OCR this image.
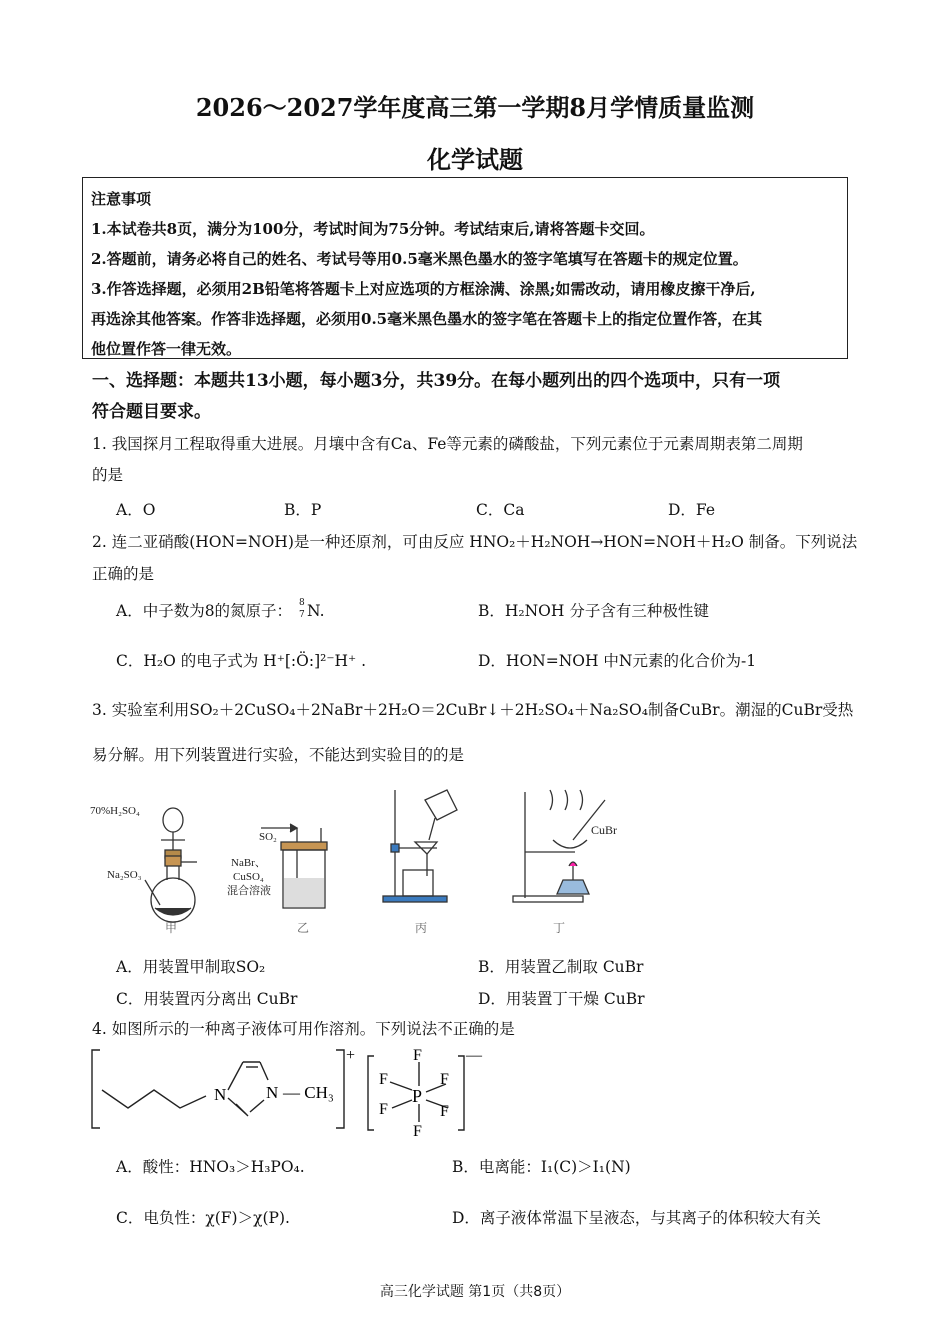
2026～2027学年度高三第一学期8月学情质量监测
化学试题
注意事项
1.本试卷共8页，满分为100分，考试时间为75分钟。考试结束后,请将答题卡交回。
2.答题前，请务必将自己的姓名、考试号等用0.5毫米黑色墨水的签字笔填写在答题卡的规定位置。
3.作答选择题，必须用2B铅笔将答题卡上对应选项的方框涂满、涂黑;如需改动，请用橡皮擦干净后,
再选涂其他答案。作答非选择题，必须用0.5毫米黑色墨水的签字笔在答题卡上的指定位置作答，在其
他位置作答一律无效。
一、选择题：本题共13小题，每小题3分，共39分。在每小题列出的四个选项中，只有一项
符合题目要求。
1. 我国探月工程取得重大进展。月壤中含有Ca、Fe等元素的磷酸盐，下列元素位于元素周期表第二周期
的是
A．O	B．P	C．Ca	D．Fe
2. 连二亚硝酸(HON=NOH)是一种还原剂，可由反应 HNO₂＋H₂NOH→HON=NOH＋H₂O 制备。下列说法
正确的是
A．中子数为8的氮原子： 8
7 N.	B．H₂NOH 分子含有三种极性键
C．H₂O 的电子式为 H⁺[:Ö:]²⁻H⁺ .	D．HON=NOH 中N元素的化合价为-1
3. 实验室利用SO₂＋2CuSO₄＋2NaBr＋2H₂O＝2CuBr↓＋2H₂SO₄＋Na₂SO₄制备CuBr。潮湿的CuBr受热
易分解。用下列装置进行实验，不能达到实验目的的是
70%H₂SO₄
Na₂SO₃
甲
SO₂
NaBr、
CuSO₄
混合溶液
乙	丙
CuBr
丁
A．用装置甲制取SO₂	B．用装置乙制取 CuBr
C．用装置丙分离出 CuBr	D．用装置丁干燥 CuBr
4. 如图所示的一种离子液体可用作溶剂。下列说法不正确的是
N N — CH₃
+	—
P
F
F	F
F	F
F
A．酸性：HNO₃＞H₃PO₄.	B．电离能：I₁(C)＞I₁(N)
C．电负性：χ(F)＞χ(P).	D．离子液体常温下呈液态，与其离子的体积较大有关
高三化学试题 第1页（共8页）
